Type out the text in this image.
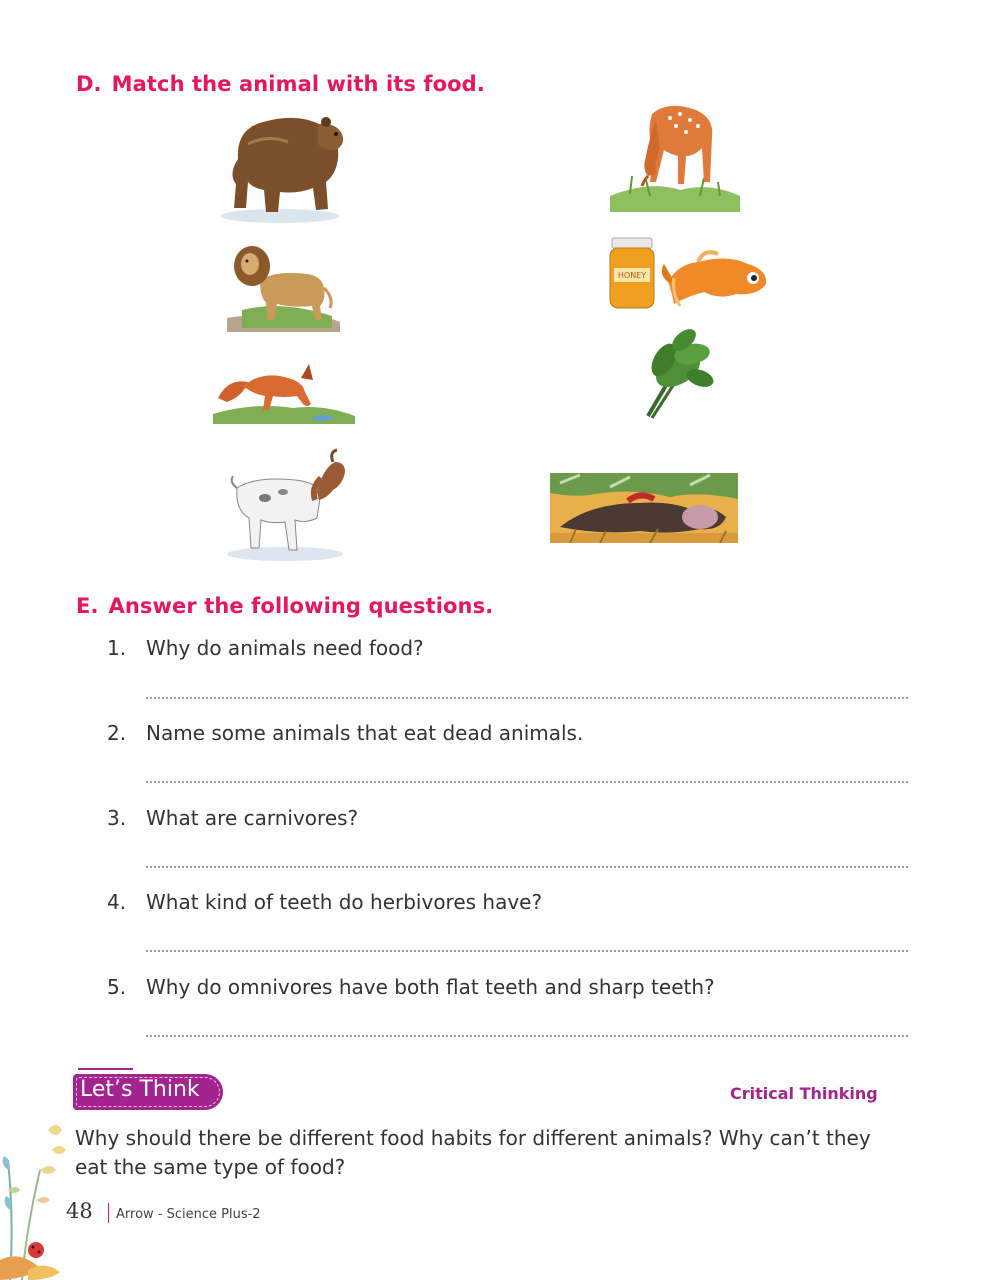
D. Match the animal with its food.
HONEY
E. Answer the following questions.
1. Why do animals need food?
2. Name some animals that eat dead animals.
3. What are carnivores?
4. What kind of teeth do herbivores have?
5. Why do omnivores have both flat teeth and sharp teeth?
Let’s Think	Critical Thinking
Why should there be different food habits for different animals? Why can’t they eat the same type of food?
48 Arrow - Science Plus-2
